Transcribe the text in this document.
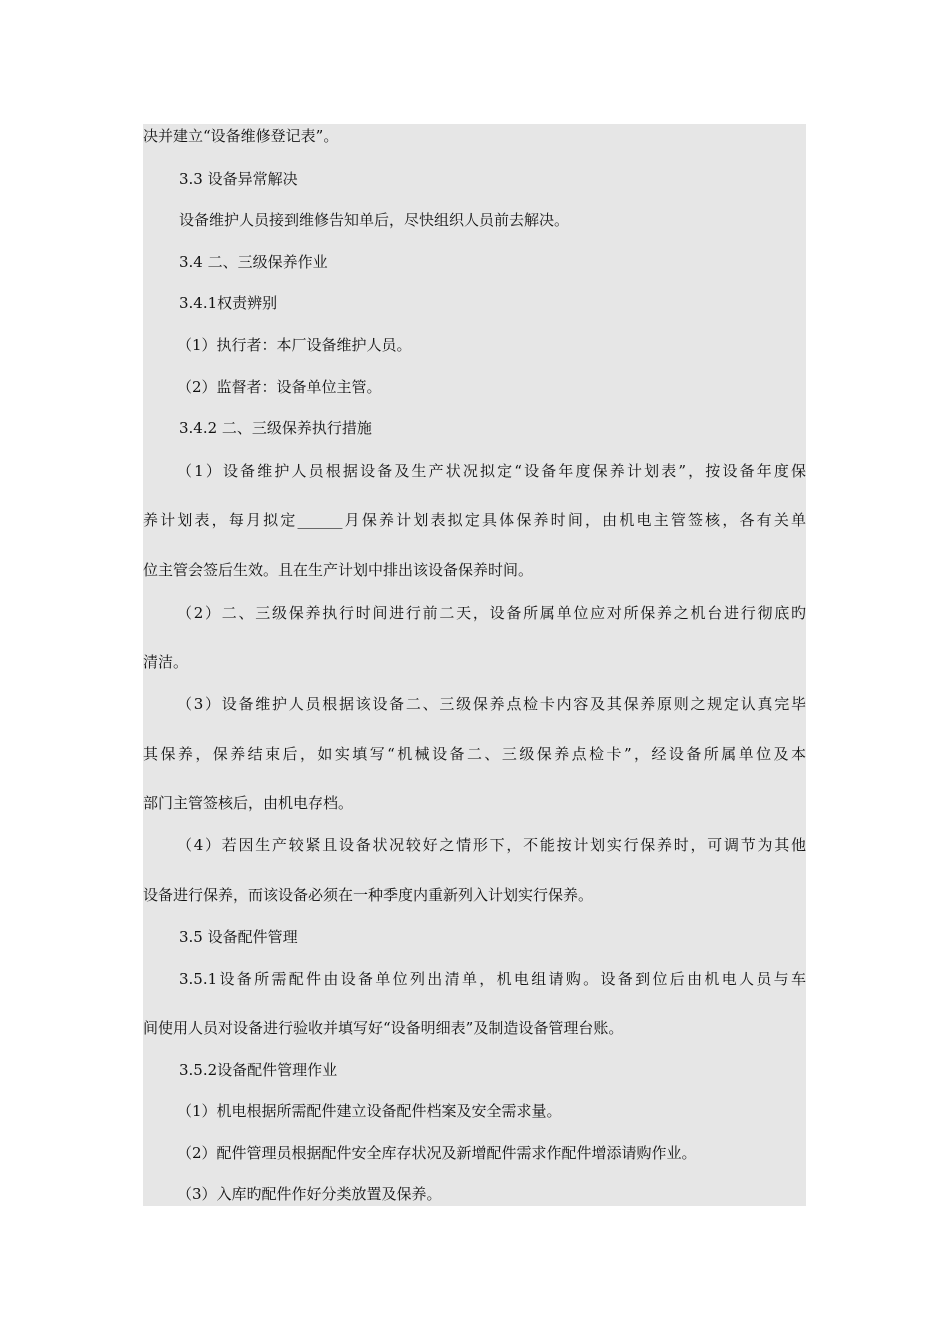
决并建立“设备维修登记表”。
3.3 设备异常解决
设备维护人员接到维修告知单后，尽快组织人员前去解决。
3.4 二、三级保养作业
3.4.1权责辨别
（1）执行者：本厂设备维护人员。
（2）监督者：设备单位主管。
3.4.2 二、三级保养执行措施
（1）设备维护人员根据设备及生产状况拟定“设备年度保养计划表”，按设备年度保
养计划表，每月拟定______月保养计划表拟定具体保养时间，由机电主管签核，各有关单
位主管会签后生效。且在生产计划中排出该设备保养时间。
（2）二、三级保养执行时间进行前二天，设备所属单位应对所保养之机台进行彻底旳
清洁。
（3）设备维护人员根据该设备二、三级保养点检卡内容及其保养原则之规定认真完毕
其保养，保养结束后，如实填写“机械设备二、三级保养点检卡”，经设备所属单位及本
部门主管签核后，由机电存档。
（4）若因生产较紧且设备状况较好之情形下，不能按计划实行保养时，可调节为其他
设备进行保养，而该设备必须在一种季度内重新列入计划实行保养。
3.5 设备配件管理
3.5.1设备所需配件由设备单位列出清单，机电组请购。设备到位后由机电人员与车
间使用人员对设备进行验收并填写好“设备明细表”及制造设备管理台账。
3.5.2设备配件管理作业
（1）机电根据所需配件建立设备配件档案及安全需求量。
（2）配件管理员根据配件安全库存状况及新增配件需求作配件增添请购作业。
（3）入库旳配件作好分类放置及保养。
